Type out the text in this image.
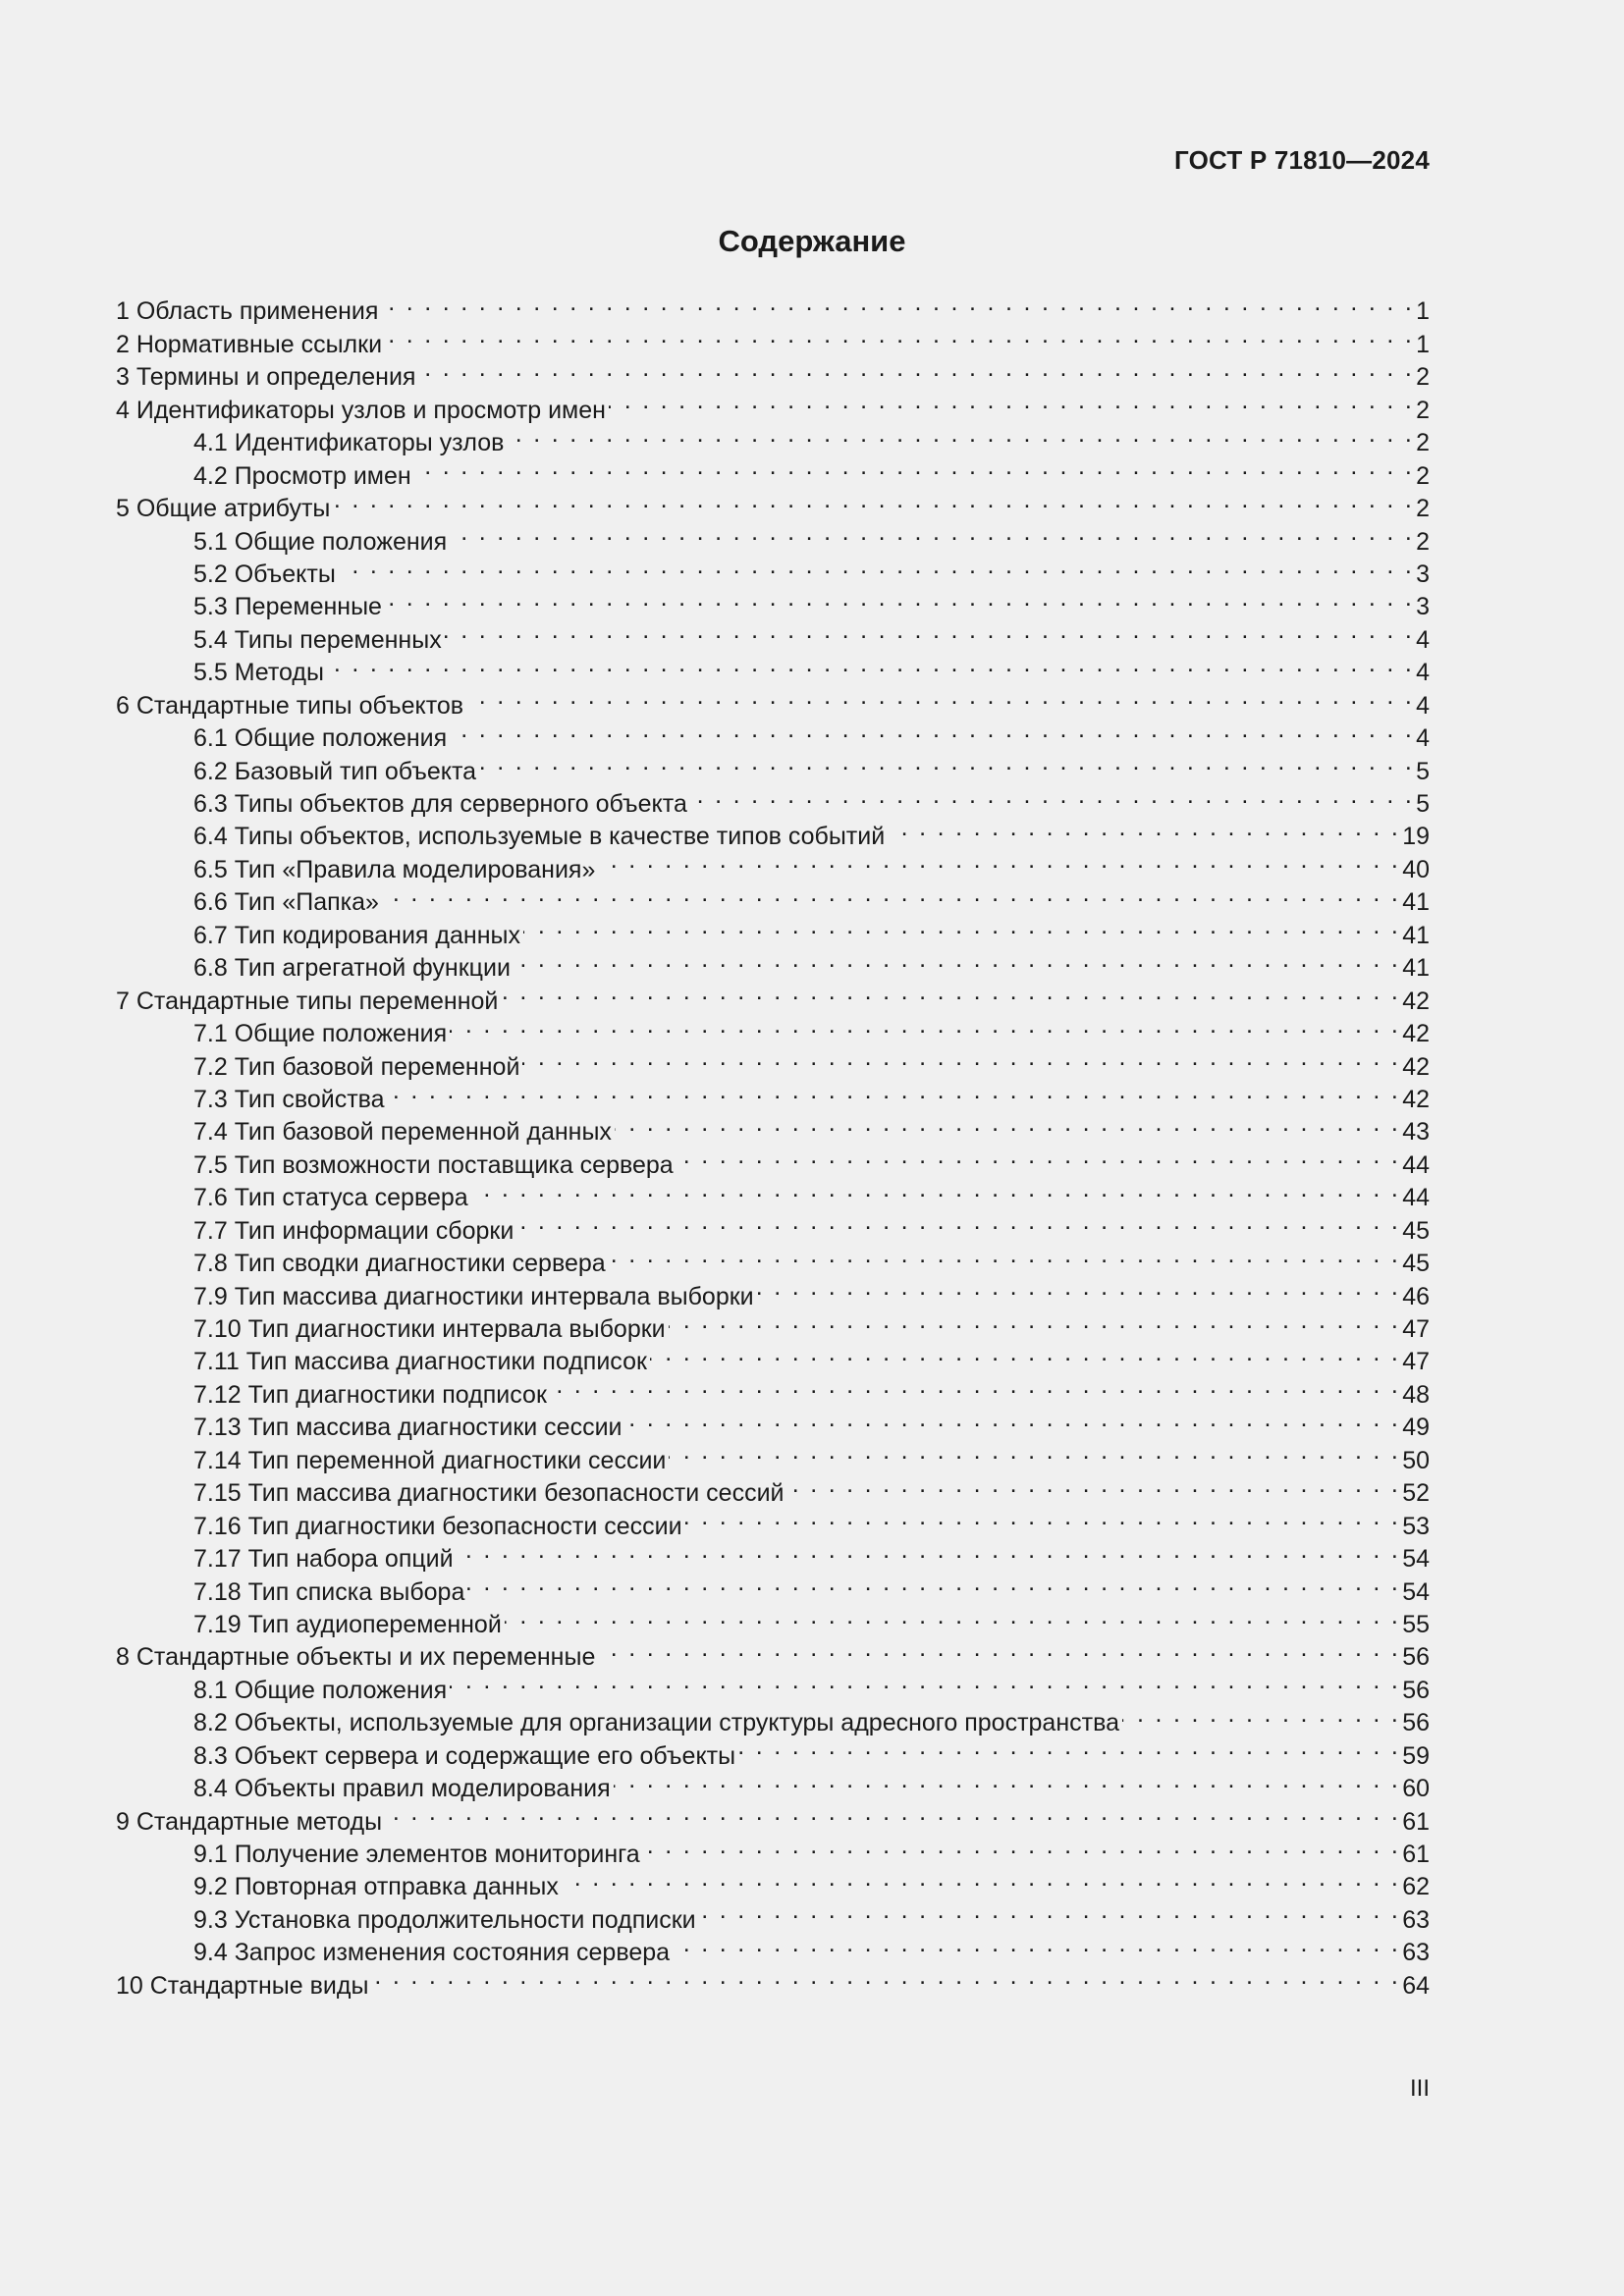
ГОСТ Р 71810—2024
Содержание
1 Область применения . . .	1
2 Нормативные ссылки . . .	1
3 Термины и определения . . .	2
4 Идентификаторы узлов и просмотр имен . . .	2
4.1 Идентификаторы узлов . . .	2
4.2 Просмотр имен . . .	2
5 Общие атрибуты . . .	2
5.1 Общие положения . . .	2
5.2 Объекты . . .	3
5.3 Переменные . . .	3
5.4 Типы переменных . . .	4
5.5 Методы . . .	4
6 Стандартные типы объектов . . .	4
6.1 Общие положения . . .	4
6.2 Базовый тип объекта . . .	5
6.3 Типы объектов для серверного объекта . . .	5
6.4 Типы объектов, используемые в качестве типов событий . . .	19
6.5 Тип «Правила моделирования» . . .	40
6.6 Тип «Папка» . . .	41
6.7 Тип кодирования данных . . .	41
6.8 Тип агрегатной функции . . .	41
7 Стандартные типы переменной . . .	42
7.1 Общие положения . . .	42
7.2 Тип базовой переменной . . .	42
7.3 Тип свойства . . .	42
7.4 Тип базовой переменной данных . . .	43
7.5 Тип возможности поставщика сервера . . .	44
7.6 Тип статуса сервера . . .	44
7.7 Тип информации сборки . . .	45
7.8 Тип сводки диагностики сервера . . .	45
7.9 Тип массива диагностики интервала выборки . . .	46
7.10 Тип диагностики интервала выборки . . .	47
7.11 Тип массива диагностики подписок . . .	47
7.12 Тип диагностики подписок . . .	48
7.13 Тип массива диагностики сессии . . .	49
7.14 Тип переменной диагностики сессии . . .	50
7.15 Тип массива диагностики безопасности сессий . . .	52
7.16 Тип диагностики безопасности сессии . . .	53
7.17 Тип набора опций . . .	54
7.18 Тип списка выбора . . .	54
7.19 Тип аудиопеременной . . .	55
8 Стандартные объекты и их переменные . . .	56
8.1 Общие положения . . .	56
8.2 Объекты, используемые для организации структуры адресного пространства . . .	56
8.3 Объект сервера и содержащие его объекты . . .	59
8.4 Объекты правил моделирования . . .	60
9 Стандартные методы . . .	61
9.1 Получение элементов мониторинга . . .	61
9.2 Повторная отправка данных . . .	62
9.3 Установка продолжительности подписки . . .	63
9.4 Запрос изменения состояния сервера . . .	63
10 Стандартные виды . . .	64
III
